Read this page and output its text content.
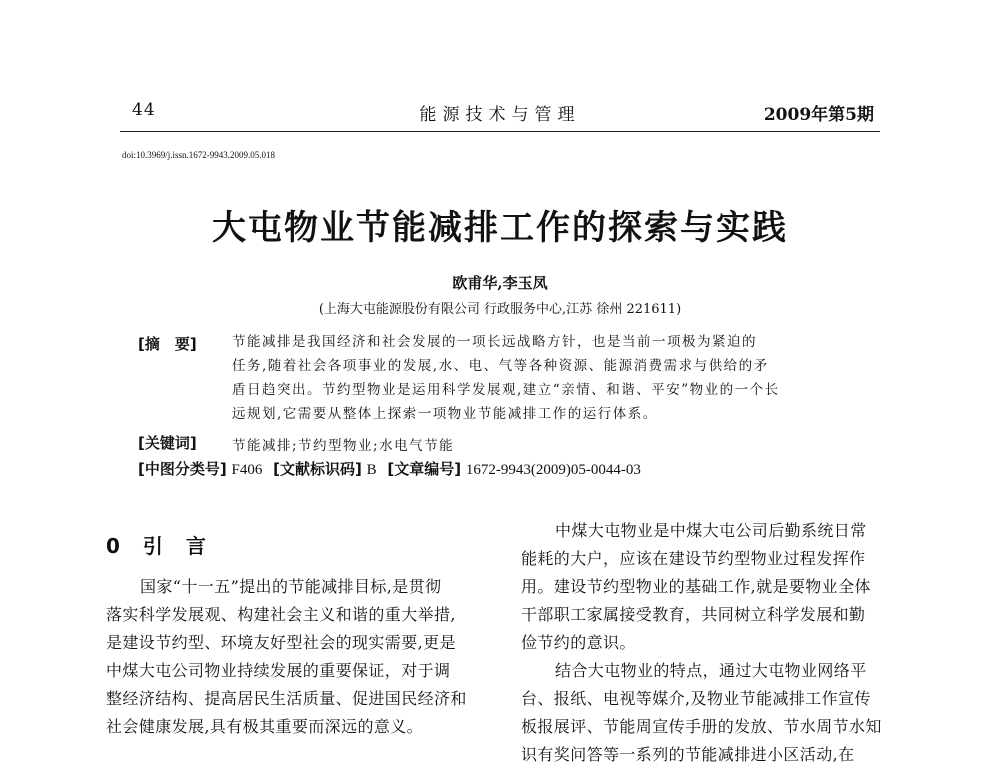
44	能源技术与管理	2009年第5期
doi:10.3969/j.issn.1672-9943.2009.05.018
大屯物业节能减排工作的探索与实践
欧甫华,李玉凤
(上海大屯能源股份有限公司 行政服务中心,江苏 徐州 221611)
[摘　要]	节能减排是我国经济和社会发展的一项长远战略方针，也是当前一项极为紧迫的
任务,随着社会各项事业的发展,水、电、气等各种资源、能源消费需求与供给的矛
盾日趋突出。节约型物业是运用科学发展观,建立“亲情、和谐、平安”物业的一个长
远规划,它需要从整体上探索一项物业节能减排工作的运行体系。
[关键词]	节能减排;节约型物业;水电气节能
[中图分类号] F406 [文献标识码] B [文章编号] 1672-9943(2009)05-0044-03
0 引 言
国家“十一五”提出的节能减排目标,是贯彻
落实科学发展观、构建社会主义和谐的重大举措,
是建设节约型、环境友好型社会的现实需要,更是
中煤大屯公司物业持续发展的重要保证，对于调
整经济结构、提高居民生活质量、促进国民经济和
社会健康发展,具有极其重要而深远的意义。
中煤大屯物业是中煤大屯公司后勤系统日常
能耗的大户，应该在建设节约型物业过程发挥作
用。建设节约型物业的基础工作,就是要物业全体
干部职工家属接受教育，共同树立科学发展和勤
俭节约的意识。
结合大屯物业的特点，通过大屯物业网络平
台、报纸、电视等媒介,及物业节能减排工作宣传
板报展评、节能周宣传手册的发放、节水周节水知
识有奖问答等一系列的节能减排进小区活动,在
